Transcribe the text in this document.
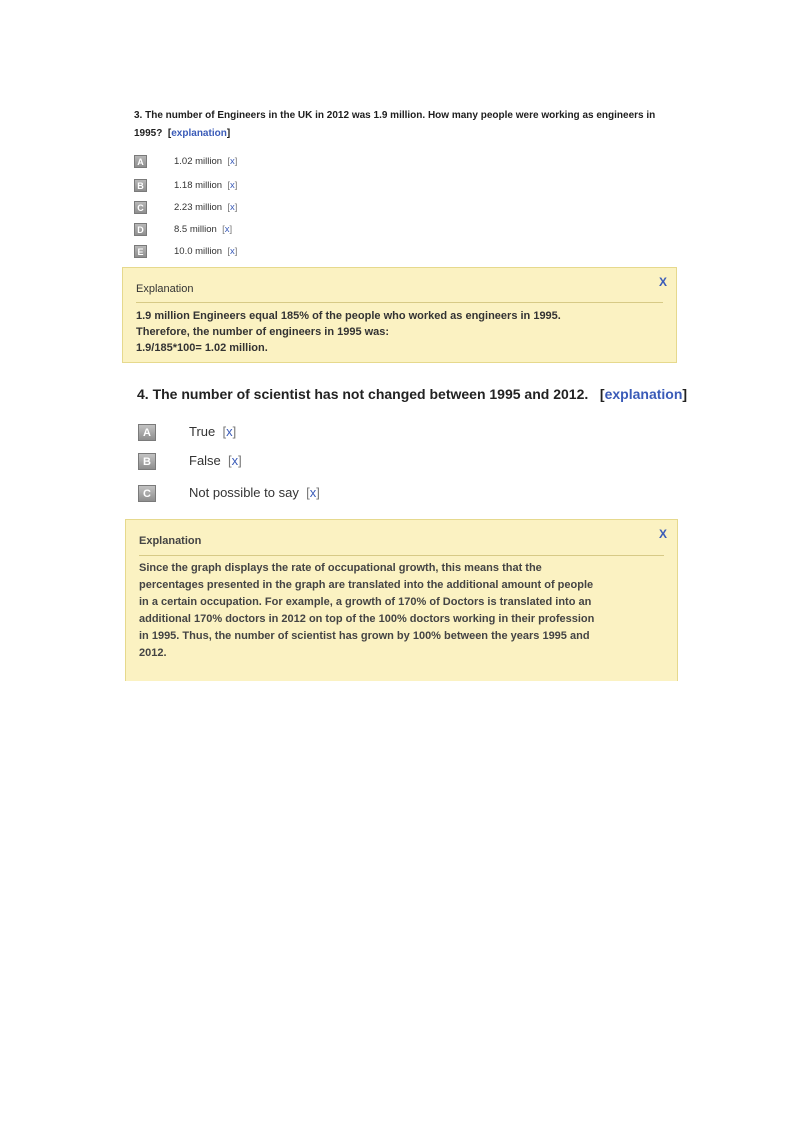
3. The number of Engineers in the UK in 2012 was 1.9 million. How many people were working as engineers in 1995?  [explanation]
A	1.02 million [x]
B	1.18 million [x]
C	2.23 million [x]
D	8.5 million [x]
E	10.0 million [x]
Explanation	X
1.9 million Engineers equal 185% of the people who worked as engineers in 1995.
Therefore, the number of engineers in 1995 was:
1.9/185*100= 1.02 million.
4. The number of scientist has not changed between 1995 and 2012.   [explanation]
A	True [x]
B	False [x]
C	Not possible to say [x]
Explanation	X
Since the graph displays the rate of occupational growth, this means that the
percentages presented in the graph are translated into the additional amount of people
in a certain occupation. For example, a growth of 170% of Doctors is translated into an
additional 170% doctors in 2012 on top of the 100% doctors working in their profession
in 1995. Thus, the number of scientist has grown by 100% between the years 1995 and
2012.
